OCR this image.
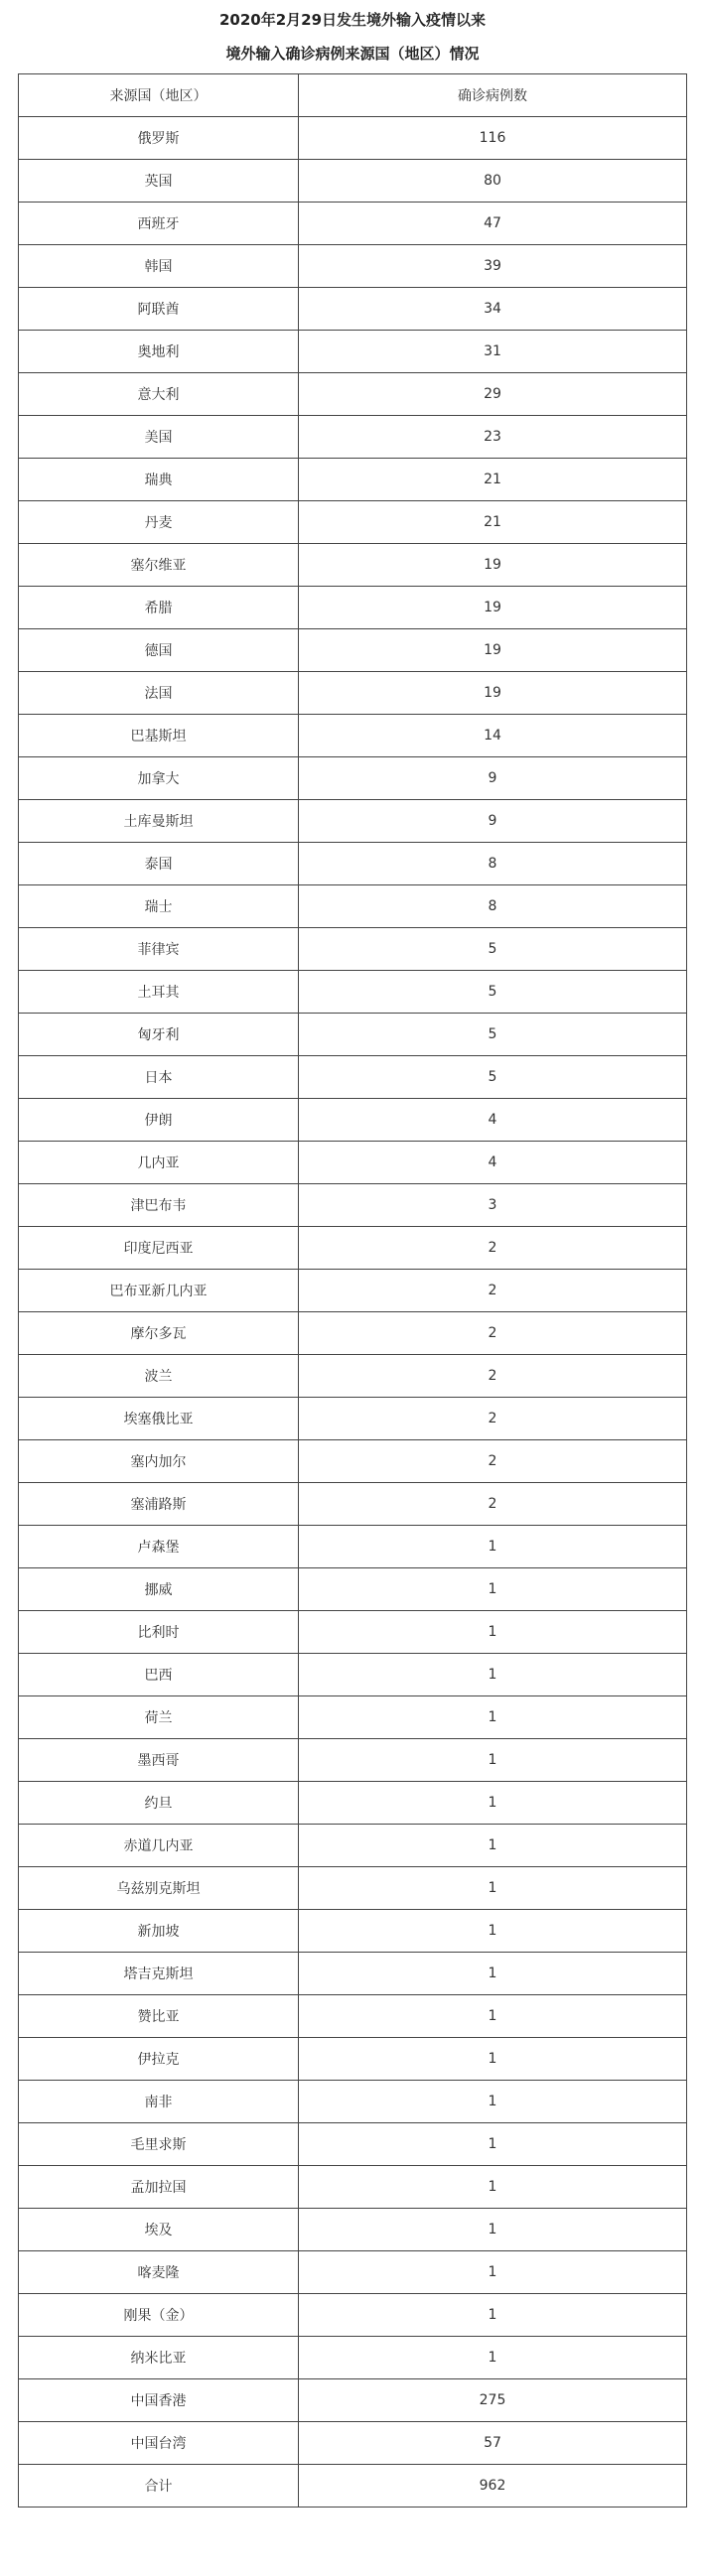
2020年2月29日发生境外输入疫情以来
境外输入确诊病例来源国（地区）情况
来源国（地区）	确诊病例数
俄罗斯	116
英国	80
西班牙	47
韩国	39
阿联酋	34
奥地利	31
意大利	29
美国	23
瑞典	21
丹麦	21
塞尔维亚	19
希腊	19
德国	19
法国	19
巴基斯坦	14
加拿大	9
土库曼斯坦	9
泰国	8
瑞士	8
菲律宾	5
土耳其	5
匈牙利	5
日本	5
伊朗	4
几内亚	4
津巴布韦	3
印度尼西亚	2
巴布亚新几内亚	2
摩尔多瓦	2
波兰	2
埃塞俄比亚	2
塞内加尔	2
塞浦路斯	2
卢森堡	1
挪威	1
比利时	1
巴西	1
荷兰	1
墨西哥	1
约旦	1
赤道几内亚	1
乌兹别克斯坦	1
新加坡	1
塔吉克斯坦	1
赞比亚	1
伊拉克	1
南非	1
毛里求斯	1
孟加拉国	1
埃及	1
喀麦隆	1
刚果（金）	1
纳米比亚	1
中国香港	275
中国台湾	57
合计	962
